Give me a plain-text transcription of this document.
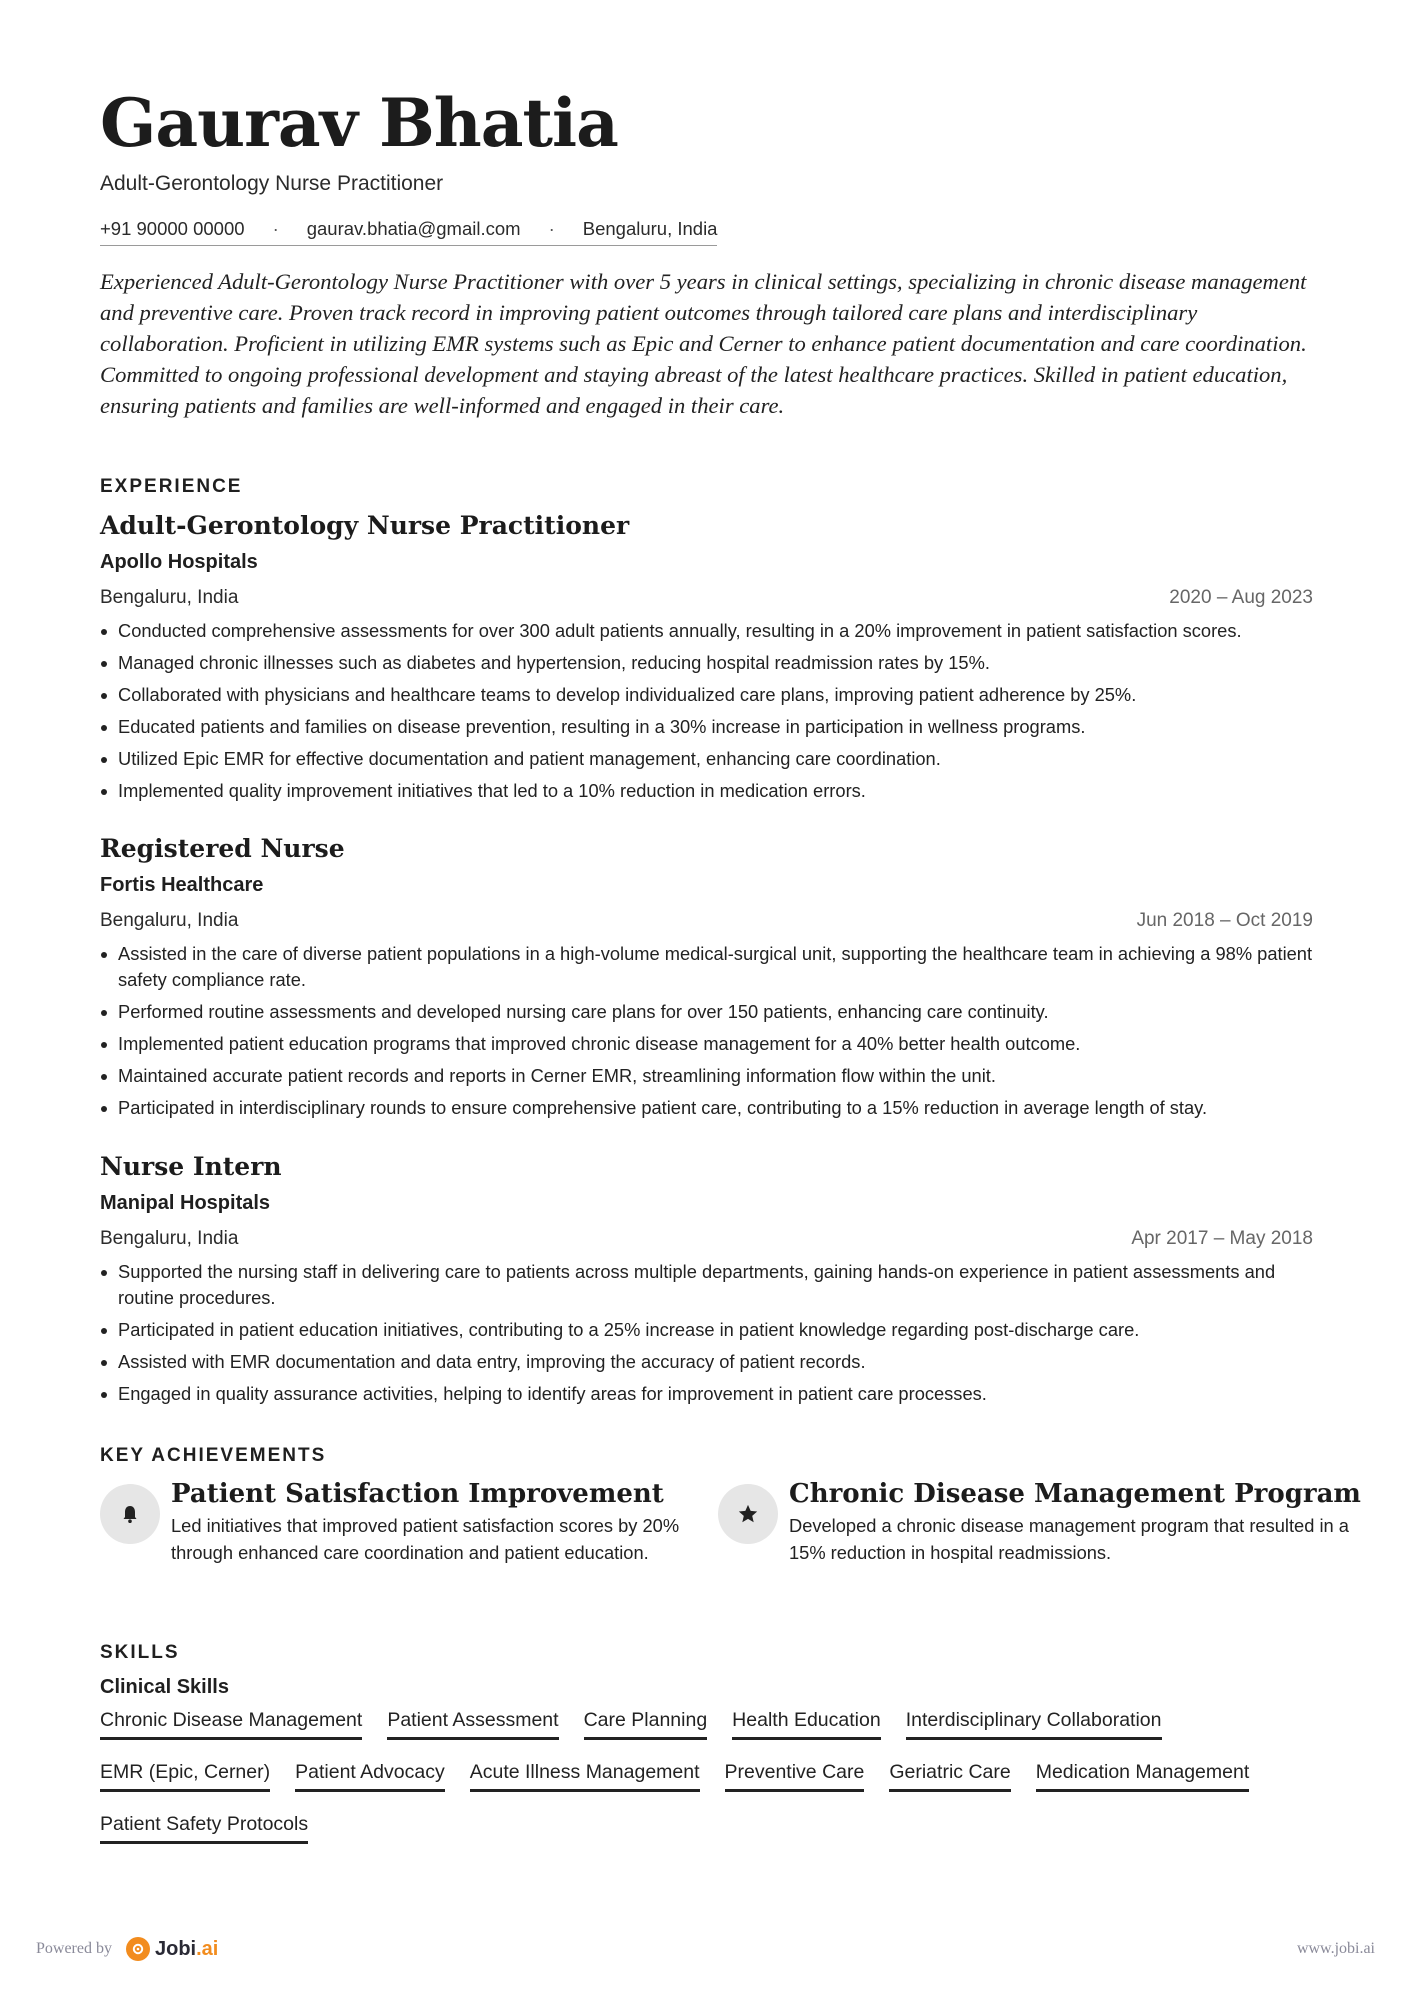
Gaurav Bhatia
Adult-Gerontology Nurse Practitioner
+91 90000 00000 · gaurav.bhatia@gmail.com · Bengaluru, India

Experienced Adult-Gerontology Nurse Practitioner with over 5 years in clinical settings, specializing in chronic disease management and preventive care. Proven track record in improving patient outcomes through tailored care plans and interdisciplinary collaboration. Proficient in utilizing EMR systems such as Epic and Cerner to enhance patient documentation and care coordination. Committed to ongoing professional development and staying abreast of the latest healthcare practices. Skilled in patient education, ensuring patients and families are well-informed and engaged in their care.

EXPERIENCE
Adult-Gerontology Nurse Practitioner
Apollo Hospitals
Bengaluru, India	2020 – Aug 2023
Conducted comprehensive assessments for over 300 adult patients annually, resulting in a 20% improvement in patient satisfaction scores.
Managed chronic illnesses such as diabetes and hypertension, reducing hospital readmission rates by 15%.
Collaborated with physicians and healthcare teams to develop individualized care plans, improving patient adherence by 25%.
Educated patients and families on disease prevention, resulting in a 30% increase in participation in wellness programs.
Utilized Epic EMR for effective documentation and patient management, enhancing care coordination.
Implemented quality improvement initiatives that led to a 10% reduction in medication errors.
Registered Nurse
Fortis Healthcare
Bengaluru, India	Jun 2018 – Oct 2019
Assisted in the care of diverse patient populations in a high-volume medical-surgical unit, supporting the healthcare team in achieving a 98% patient safety compliance rate.
Performed routine assessments and developed nursing care plans for over 150 patients, enhancing care continuity.
Implemented patient education programs that improved chronic disease management for a 40% better health outcome.
Maintained accurate patient records and reports in Cerner EMR, streamlining information flow within the unit.
Participated in interdisciplinary rounds to ensure comprehensive patient care, contributing to a 15% reduction in average length of stay.
Nurse Intern
Manipal Hospitals
Bengaluru, India	Apr 2017 – May 2018
Supported the nursing staff in delivering care to patients across multiple departments, gaining hands-on experience in patient assessments and routine procedures.
Participated in patient education initiatives, contributing to a 25% increase in patient knowledge regarding post-discharge care.
Assisted with EMR documentation and data entry, improving the accuracy of patient records.
Engaged in quality assurance activities, helping to identify areas for improvement in patient care processes.
KEY ACHIEVEMENTS
Patient Satisfaction Improvement
Led initiatives that improved patient satisfaction scores by 20% through enhanced care coordination and patient education.
Chronic Disease Management Program
Developed a chronic disease management program that resulted in a 15% reduction in hospital readmissions.
SKILLS
Clinical Skills
Chronic Disease Management Patient Assessment Care Planning Health Education Interdisciplinary Collaboration
EMR (Epic, Cerner) Patient Advocacy Acute Illness Management Preventive Care Geriatric Care Medication Management
Patient Safety Protocols
Powered by Jobi.ai	www.jobi.ai
